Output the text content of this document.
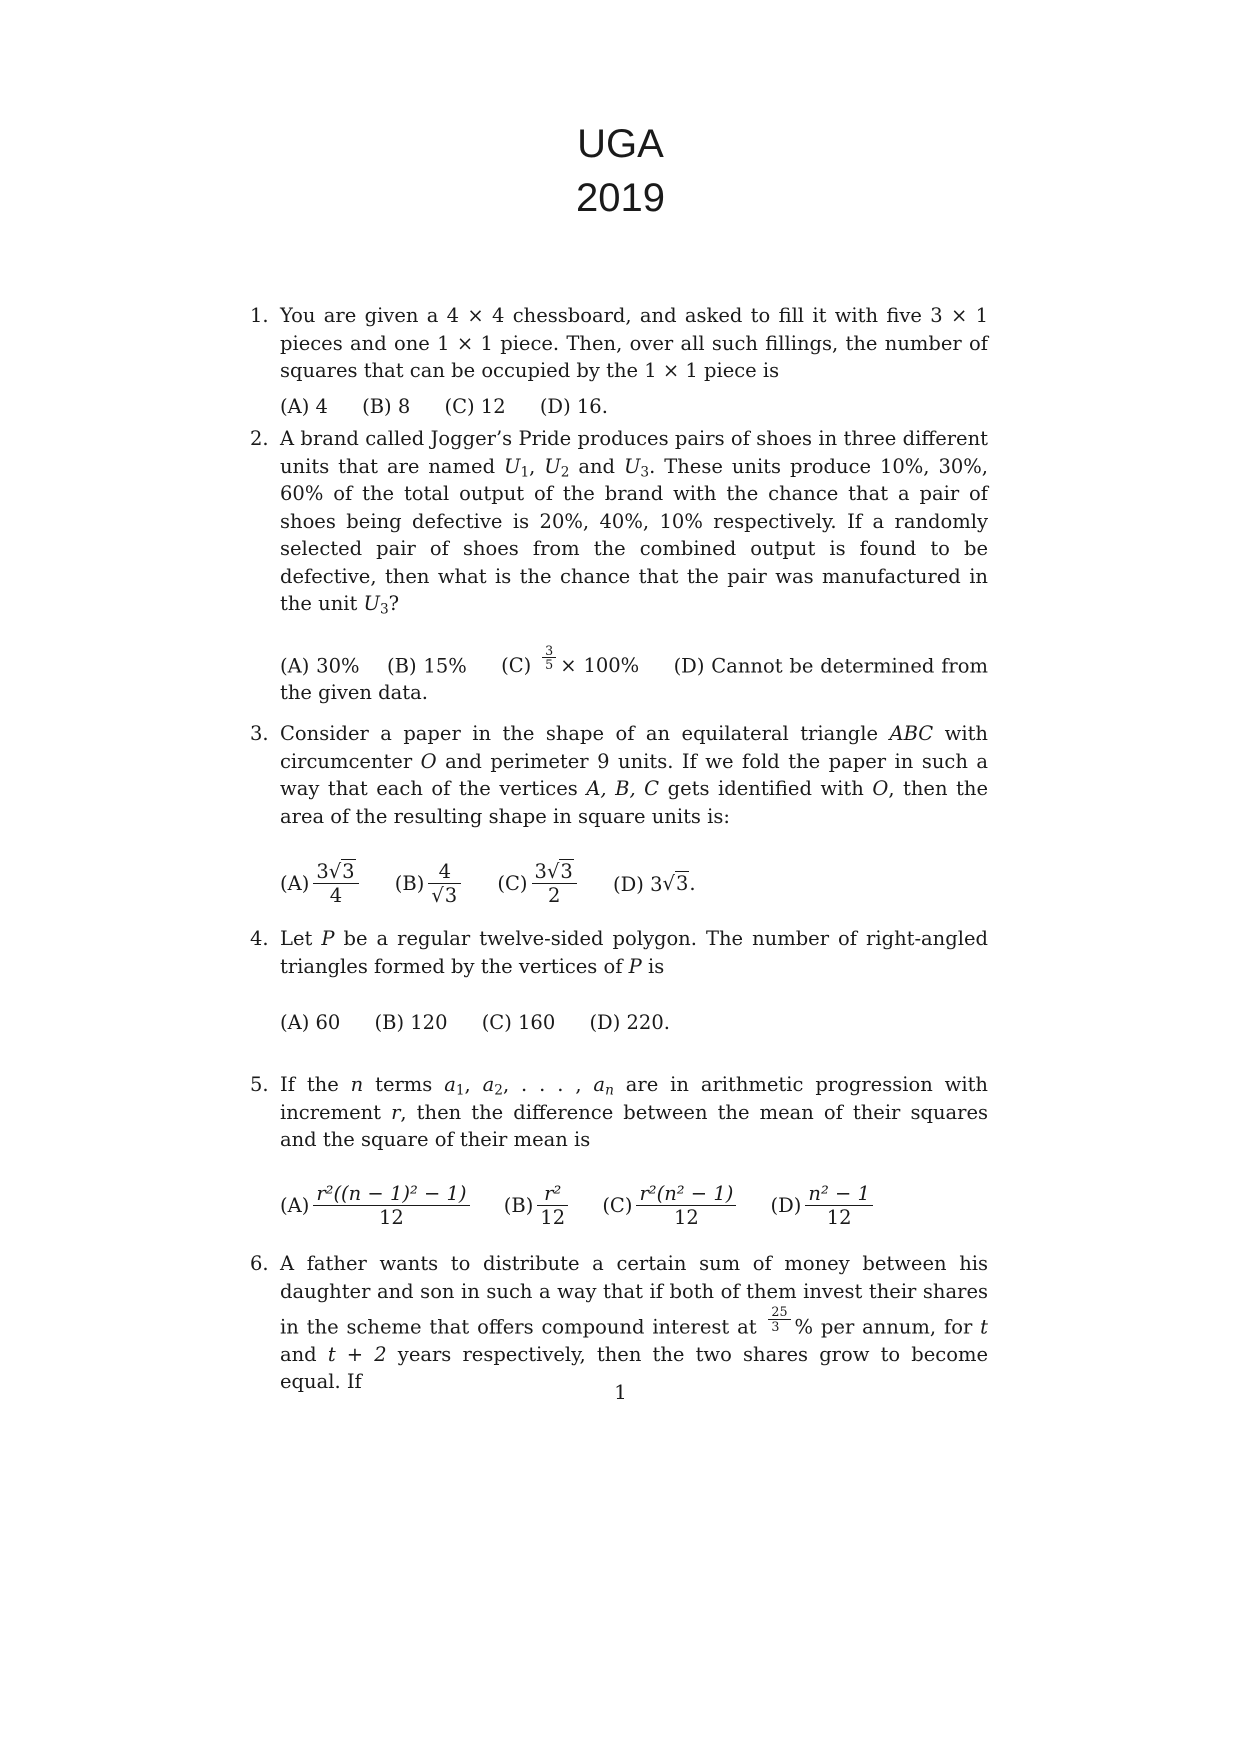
UGA
2019
1. You are given a 4 × 4 chessboard, and asked to fill it with five 3 × 1 pieces and one 1 × 1 piece. Then, over all such fillings, the number of squares that can be occupied by the 1 × 1 piece is
(A) 4 (B) 8 (C) 12 (D) 16.
2. A brand called Jogger’s Pride produces pairs of shoes in three different units that are named $U_1$, $U_2$ and $U_3$. These units produce 10%, 30%, 60% of the total output of the brand with the chance that a pair of shoes being defective is 20%, 40%, 10% respectively. If a randomly selected pair of shoes from the combined output is found to be defective, then what is the chance that the pair was manufactured in the unit $U_3$?
(A) 30% (B) 15% $(C) \frac{3}{5} \times 100\%$ (D) Cannot be determined from the given data.
3. Consider a paper in the shape of an equilateral triangle ABC with circumcenter O and perimeter 9 units. If we fold the paper in such a way that each of the vertices A, B, C gets identified with O, then the area of the resulting shape in square units is:
$(A) \frac{3√3}{4} (B) \frac{4}{√3} (C) \frac{3√3}{2} (D)$ 3√3.
4. Let P be a regular twelve-sided polygon. The number of right-angled triangles formed by the vertices of P is
(A) 60 (B) 120 (C) 160 (D) 220.
5. If the n terms $a_1$, $a_2$, . . . , $a_n$ are in arithmetic progression with increment r, then the difference between the mean of their squares and the square of their mean is
$(A) \frac{\text{r²((n − 1)² − 1)}}{12} (B) \frac{\text{r²}}{12} (C) \frac{\text{r²(n² − 1)}}{12} (D) \frac{\text{n² − 1}}{12}$
6. A father wants to distribute a certain sum of money between his daughter and son in such a way that if both of them invest their shares in the scheme that offers compound interest at $\frac{25}{3}$ % per annum, for t and t + 2 years respectively, then the two shares grow to become equal. If	1
